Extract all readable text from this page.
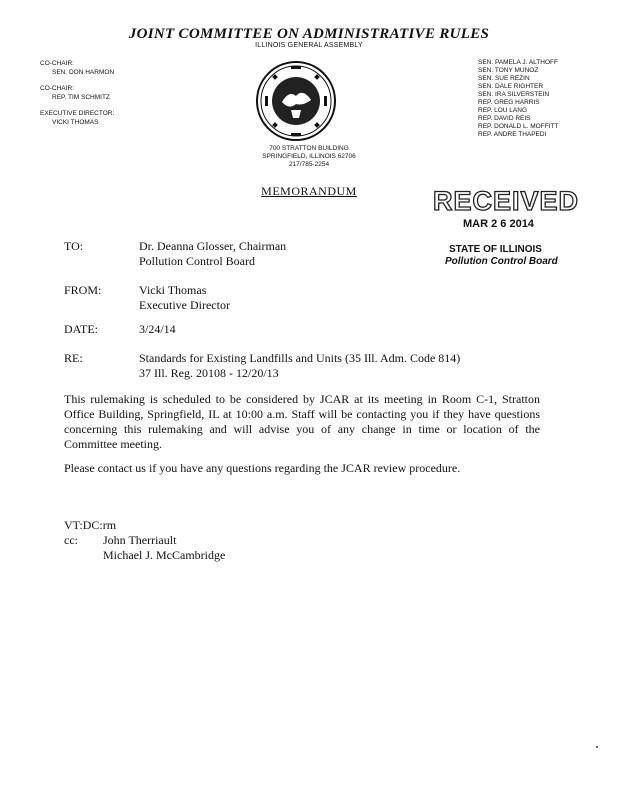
JOINT COMMITTEE ON ADMINISTRATIVE RULES
ILLINOIS GENERAL ASSEMBLY
CO-CHAIR:
SEN. DON HARMON
CO-CHAIR:
REP. TIM SCHMITZ
EXECUTIVE DIRECTOR:
VICKI THOMAS
SEN. PAMELA J. ALTHOFF
SEN. TONY MUNOZ
SEN. SUE REZIN
SEN. DALE RIGHTER
SEN. IRA SILVERSTEIN
REP. GREG HARRIS
REP. LOU LANG
REP. DAVID REIS
REP. DONALD L. MOFFITT
REP. ANDRE THAPEDI
700 STRATTON BUILDING
SPRINGFIELD, ILLINOIS 62706
217/785-2254
MEMORANDUM	RECEIVED
MAR 2 6 2014
STATE OF ILLINOIS
Pollution Control Board
TO:	Dr. Deanna Glosser, Chairman
Pollution Control Board
FROM:	Vicki Thomas
Executive Director
DATE:	3/24/14
RE:	Standards for Existing Landfills and Units (35 Ill. Adm. Code 814)
37 Ill. Reg. 20108 - 12/20/13
This rulemaking is scheduled to be considered by JCAR at its meeting in Room C-1, Stratton Office Building, Springfield, IL at 10:00 a.m. Staff will be contacting you if they have questions concerning this rulemaking and will advise you of any change in time or location of the Committee meeting.
Please contact us if you have any questions regarding the JCAR review procedure.
VT:DC:rm
cc: John Therriault
Michael J. McCambridge
